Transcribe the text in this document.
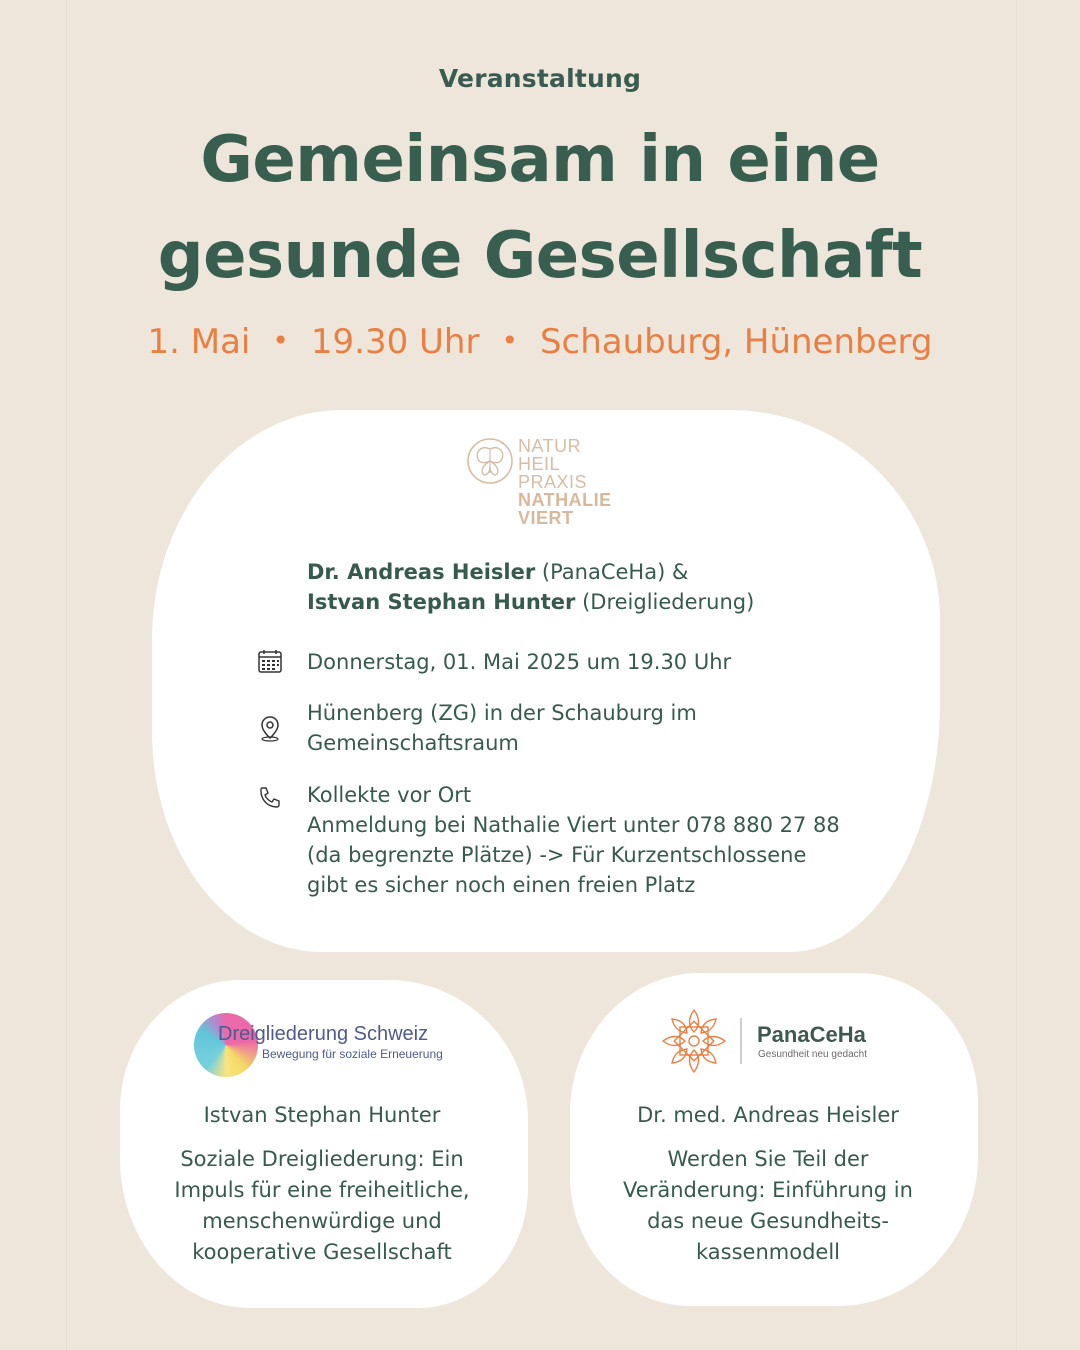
Veranstaltung
Gemeinsam in eine
gesunde Gesellschaft
1. Mai • 19.30 Uhr • Schauburg, Hünenberg
NATUR
HEIL
PRAXIS
NATHALIE
VIERT
Dr. Andreas Heisler (PanaCeHa) &
Istvan Stephan Hunter (Dreigliederung)
Donnerstag, 01. Mai 2025 um 19.30 Uhr
Hünenberg (ZG) in der Schauburg im
Gemeinschaftsraum
Kollekte vor Ort
Anmeldung bei Nathalie Viert unter 078 880 27 88
(da begrenzte Plätze) -> Für Kurzentschlossene
gibt es sicher noch einen freien Platz
Dreigliederung Schweiz
Bewegung für soziale Erneuerung
Istvan Stephan Hunter
Soziale Dreigliederung: Ein
Impuls für eine freiheitliche,
menschenwürdige und
kooperative Gesellschaft
PanaCeHa
Gesundheit neu gedacht
Dr. med. Andreas Heisler
Werden Sie Teil der
Veränderung: Einführung in
das neue Gesundheits-
kassenmodell
